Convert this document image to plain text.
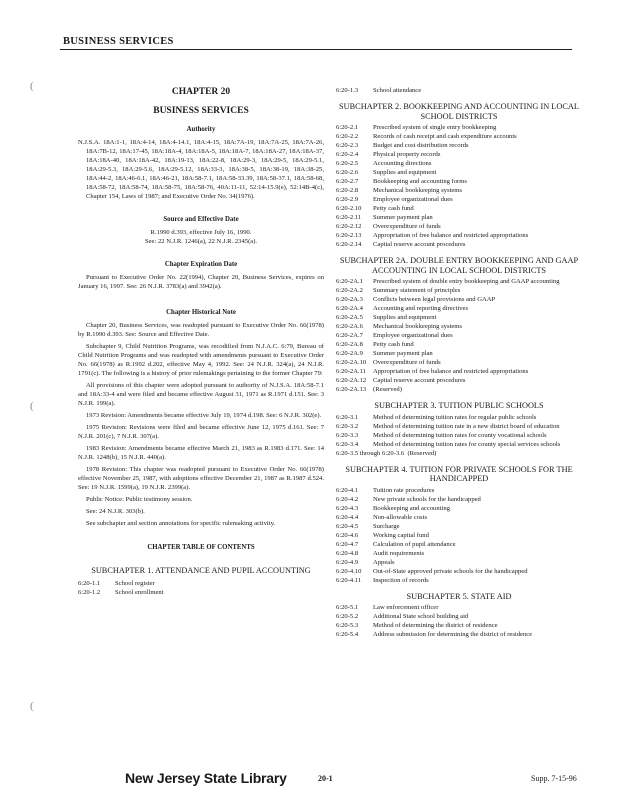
BUSINESS SERVICES
(
(
(
CHAPTER 20
BUSINESS SERVICES
Authority
N.J.S.A. 18A:1-1, 18A:4-14, 18A:4-14.1, 18A:4-15, 18A:7A-19, 18A:7A-25, 18A:7A-26, 18A:7B-12, 18A:17-45, 18A:18A-4, 18A:18A-5, 18A:18A-7, 18A:18A-27, 18A:18A-37, 18A:18A-40, 18A:18A-42, 18A:19-13, 18A:22-8, 18A:29-3, 18A:29-5, 18A:29-5.1, 18A:29-5.3, 18A:29-5.6, 18A:29-5.12, 18A:33-3, 18A:38-5, 18A:38-19, 18A:38-25, 18A:44-2, 18A:46-6.1, 18A:46-21, 18A:58-7.1, 18A:58-33.39, 18A:58-37.1, 18A:58-68, 18A:58-72, 18A:58-74, 18A:58-75, 18A:58-76, 40A:11-11, 52:14-15.9(e), 52:14B-4(c), Chapter 154, Laws of 1987; and Executive Order No. 34(1976).
Source and Effective Date
R.1990 d.393, effective July 16, 1990.
See: 22 N.J.R. 1246(a), 22 N.J.R. 2345(a).
Chapter Expiration Date
Pursuant to Executive Order No. 22(1994), Chapter 20, Business Services, expires on January 16, 1997. See: 26 N.J.R. 3783(a) and 3942(a).
Chapter Historical Note
Chapter 20, Business Services, was readopted pursuant to Executive Order No. 66(1978) by R.1990 d.393. See: Source and Effective Date.
Subchapter 9, Child Nutrition Programs, was recodified from N.J.A.C. 6:79, Bureau of Child Nutrition Programs and was readopted with amendments pursuant to Executive Order No. 66(1978) as R.1992 d.202, effective May 4, 1992. See: 24 N.J.R. 324(a), 24 N.J.R. 1791(c). The following is a history of prior rulemakings pertaining to the former Chapter 79:
All provisions of this chapter were adopted pursuant to authority of N.J.S.A. 18A:58-7.1 and 18A:33-4 and were filed and became effective August 31, 1971 as R.1971 d.151. See: 3 N.J.R. 199(a).
1973 Revision: Amendments became effective July 19, 1974 d.198. See: 6 N.J.R. 302(e).
1975 Revision: Revisions were filed and became effective June 12, 1975 d.161. See: 7 N.J.R. 201(c), 7 N.J.R. 307(a).
1983 Revision: Amendments became effective March 21, 1983 as R.1983 d.171. See: 14 N.J.R. 1248(b), 15 N.J.R. 440(a).
1978 Revision: This chapter was readopted pursuant to Executive Order No. 66(1978) effective November 25, 1987, with adoptions effective December 21, 1987 as R.1987 d.524. See: 19 N.J.R. 1599(a), 19 N.J.R. 2399(a).
Public Notice: Public testimony session.
See: 24 N.J.R. 303(b).
See subchapter and section annotations for specific rulemaking activity.
CHAPTER TABLE OF CONTENTS
SUBCHAPTER 1. ATTENDANCE AND PUPIL ACCOUNTING
6:20-1.1	School register
6:20-1.2	School enrollment
6:20-1.3	School attendance
SUBCHAPTER 2. BOOKKEEPING AND ACCOUNTING IN LOCAL SCHOOL DISTRICTS
6:20-2.1	Prescribed system of single entry bookkeeping
6:20-2.2	Records of cash receipt and cash expenditure accounts
6:20-2.3	Budget and cost distribution records
6:20-2.4	Physical property records
6:20-2.5	Accounting directions
6:20-2.6	Supplies and equipment
6:20-2.7	Bookkeeping and accounting forms
6:20-2.8	Mechanical bookkeeping systems
6:20-2.9	Employee organizational dues
6:20-2.10	Petty cash fund
6:20-2.11	Summer payment plan
6:20-2.12	Overexpenditure of funds
6:20-2.13	Appropriation of free balance and restricted appropriations
6:20-2.14	Capital reserve account procedures
SUBCHAPTER 2A. DOUBLE ENTRY BOOKKEEPING AND GAAP ACCOUNTING IN LOCAL SCHOOL DISTRICTS
6:20-2A.1	Prescribed system of double entry bookkeeping and GAAP accounting
6:20-2A.2	Summary statement of principles
6:20-2A.3	Conflicts between legal provisions and GAAP
6:20-2A.4	Accounting and reporting directives
6:20-2A.5	Supplies and equipment
6:20-2A.6	Mechanical bookkeeping systems
6:20-2A.7	Employee organizational dues
6:20-2A.8	Petty cash fund
6:20-2A.9	Summer payment plan
6:20-2A.10	Overexpenditure of funds
6:20-2A.11	Appropriation of free balance and restricted appropriations
6:20-2A.12	Capital reserve account procedures
6:20-2A.13	(Reserved)
SUBCHAPTER 3. TUITION PUBLIC SCHOOLS
6:20-3.1	Method of determining tuition rates for regular public schools
6:20-3.2	Method of determining tuition rate in a new district board of education
6:20-3.3	Method of determining tuition rates for county vocational schools
6:20-3.4	Method of determining tuition rates for county special services schools
6:20-3.5 through 6:20-3.6 (Reserved)
SUBCHAPTER 4. TUITION FOR PRIVATE SCHOOLS FOR THE HANDICAPPED
6:20-4.1	Tuition rate procedures
6:20-4.2	New private schools for the handicapped
6:20-4.3	Bookkeeping and accounting
6:20-4.4	Non-allowable costs
6:20-4.5	Surcharge
6:20-4.6	Working capital fund
6:20-4.7	Calculation of pupil attendance
6:20-4.8	Audit requirements
6:20-4.9	Appeals
6:20-4.10	Out-of-State approved private schools for the handicapped
6:20-4.11	Inspection of records
SUBCHAPTER 5. STATE AID
6:20-5.1	Law enforcement officer
6:20-5.2	Additional State school building aid
6:20-5.3	Method of determining the district of residence
6:20-5.4	Address submission for determining the district of residence
New Jersey State Library	20-1	Supp. 7-15-96
